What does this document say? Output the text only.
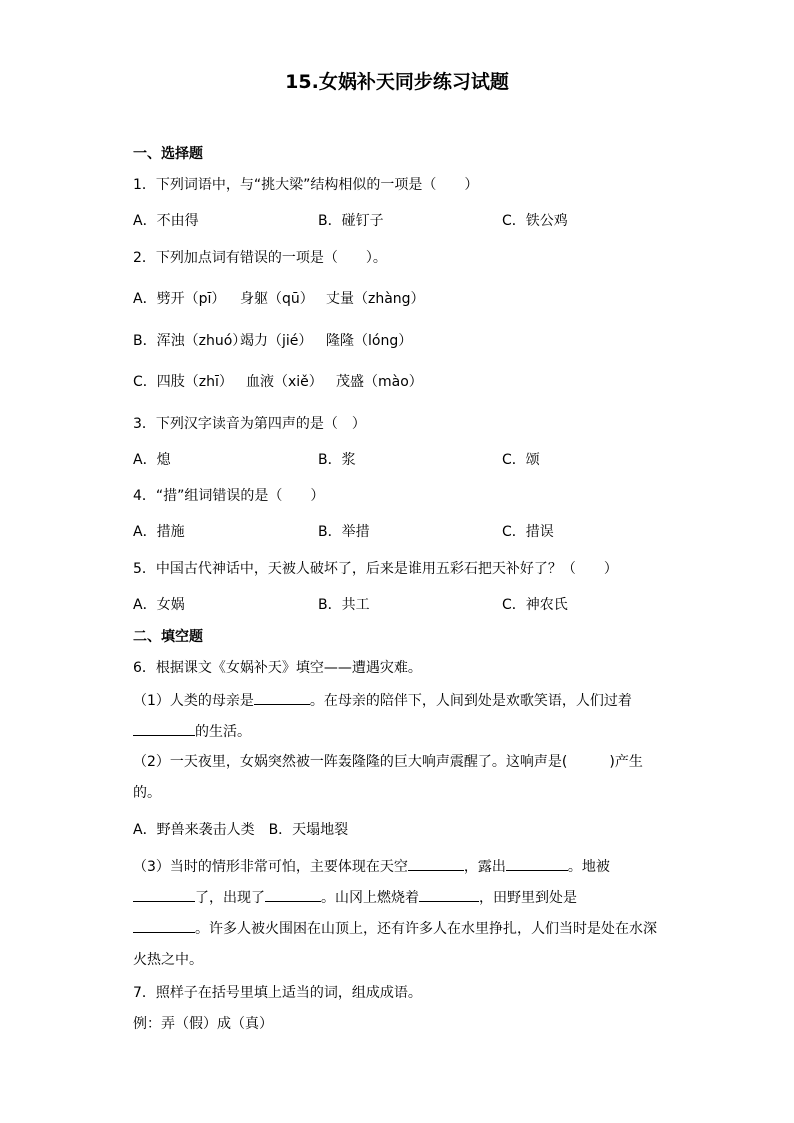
15.女娲补天同步练习试题
一、选择题
1．下列词语中，与“挑大梁”结构相似的一项是（　　）
A．不由得	B．碰钉子	C．铁公鸡
2．下列加点词有错误的一项是（　　）。
A．劈开（pī） 身躯（qū） 丈量（zhàng）
B．浑浊（zhuó）
竭力（jié） 隆隆（lóng）
C．四肢（zhī） 血液（xiě） 茂盛（mào）
3．下列汉字读音为第四声的是（　）
A．熄	B．浆	C．颂
4．“措”组词错误的是（　　）
A．措施	B．举措	C．措误
5．中国古代神话中，天被人破坏了，后来是谁用五彩石把天补好了？（　　）
A．女娲	B．共工	C．神农氏
二、填空题
6．根据课文《女娲补天》填空——遭遇灾难。
（1）人类的母亲是	。在母亲的陪伴下，人间到处是欢歌笑语，人们过着
的生活。
（2）一天夜里，女娲突然被一阵轰隆隆的巨大响声震醒了。这响声是(　　　)产生
的。
A．野兽来袭击人类　B．天塌地裂
（3）当时的情形非常可怕，主要体现在天空	，露出	。地被
了，出现了	。山冈上燃烧着	，田野里到处是
。许多人被火围困在山顶上，还有许多人在水里挣扎，人们当时是处在水深
火热之中。
7．照样子在括号里填上适当的词，组成成语。
例：弄（假）成（真）
